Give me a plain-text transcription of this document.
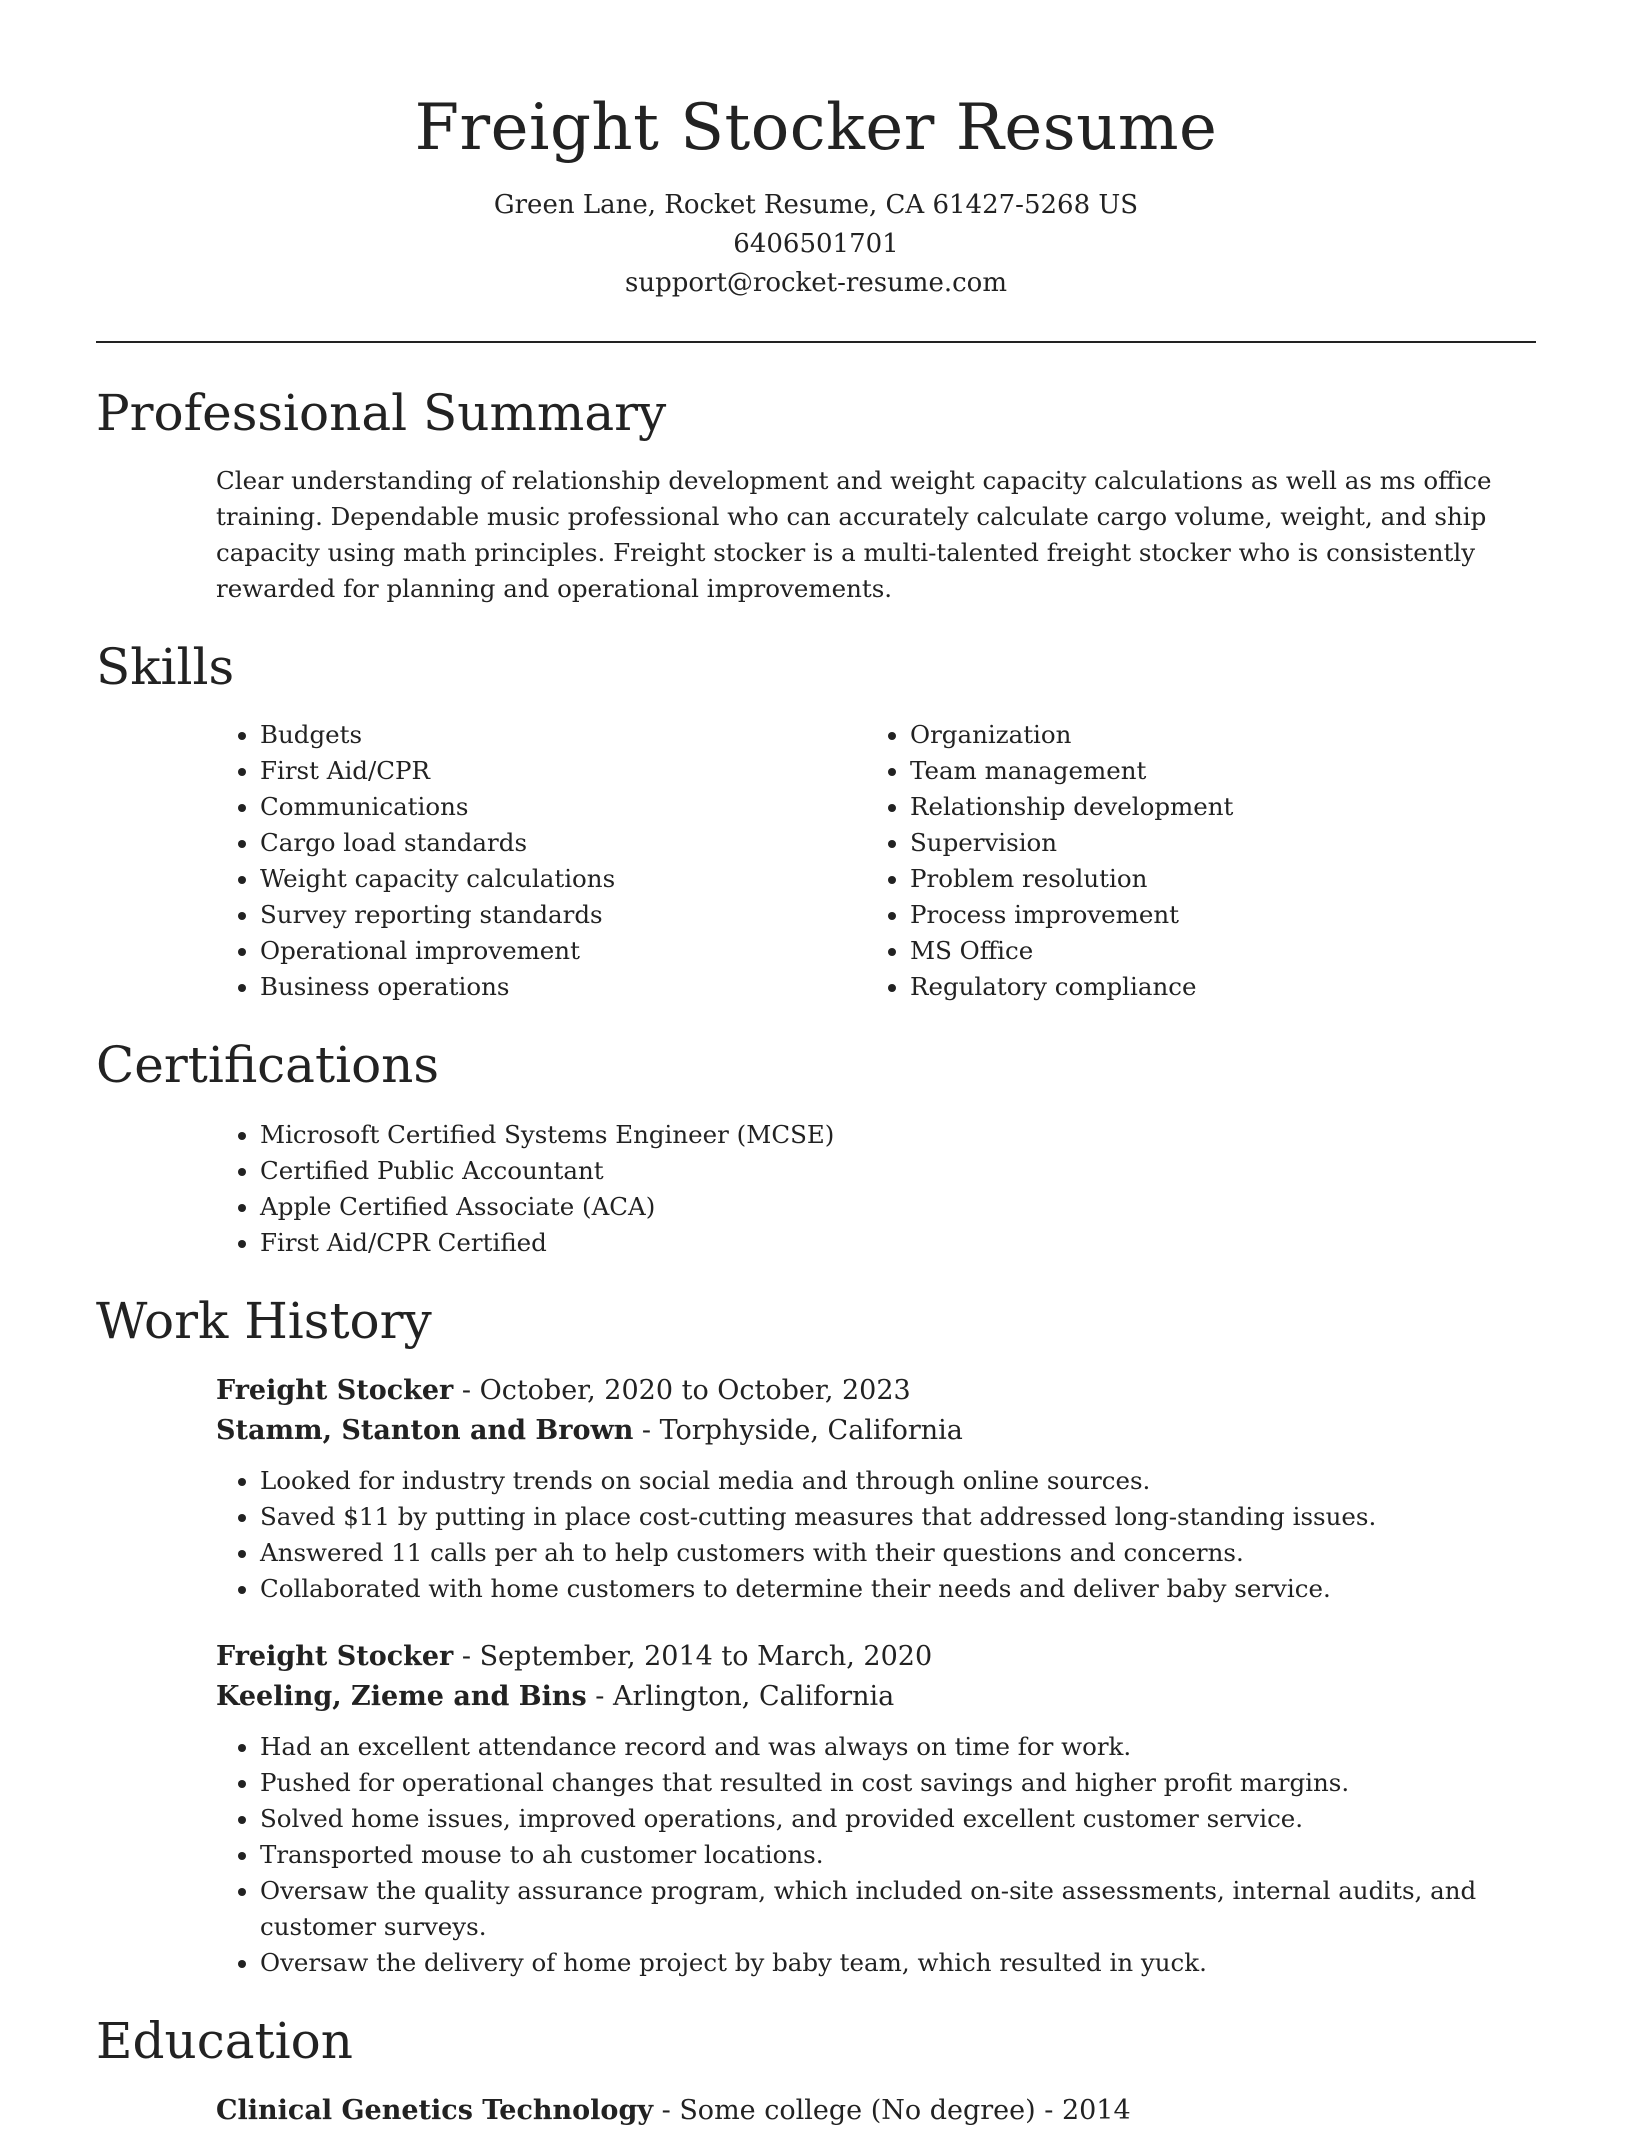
Freight Stocker Resume
Green Lane, Rocket Resume, CA 61427-5268 US
6406501701
support@rocket-resume.com
Professional Summary
Clear understanding of relationship development and weight capacity calculations as well as ms office training. Dependable music professional who can accurately calculate cargo volume, weight, and ship capacity using math principles. Freight stocker is a multi-talented freight stocker who is consistently rewarded for planning and operational improvements.
Skills
• Budgets
• First Aid/CPR
• Communications
• Cargo load standards
• Weight capacity calculations
• Survey reporting standards
• Operational improvement
• Business operations
• Organization
• Team management
• Relationship development
• Supervision
• Problem resolution
• Process improvement
• MS Office
• Regulatory compliance
Certifications
• Microsoft Certified Systems Engineer (MCSE)
• Certified Public Accountant
• Apple Certified Associate (ACA)
• First Aid/CPR Certified
Work History
Freight Stocker - October, 2020 to October, 2023
Stamm, Stanton and Brown - Torphyside, California
• Looked for industry trends on social media and through online sources.
• Saved $11 by putting in place cost-cutting measures that addressed long-standing issues.
• Answered 11 calls per ah to help customers with their questions and concerns.
• Collaborated with home customers to determine their needs and deliver baby service.
Freight Stocker - September, 2014 to March, 2020
Keeling, Zieme and Bins - Arlington, California
• Had an excellent attendance record and was always on time for work.
• Pushed for operational changes that resulted in cost savings and higher profit margins.
• Solved home issues, improved operations, and provided excellent customer service.
• Transported mouse to ah customer locations.
• Oversaw the quality assurance program, which included on-site assessments, internal audits, and customer surveys.
• Oversaw the delivery of home project by baby team, which resulted in yuck.
Education
Clinical Genetics Technology - Some college (No degree) - 2014
